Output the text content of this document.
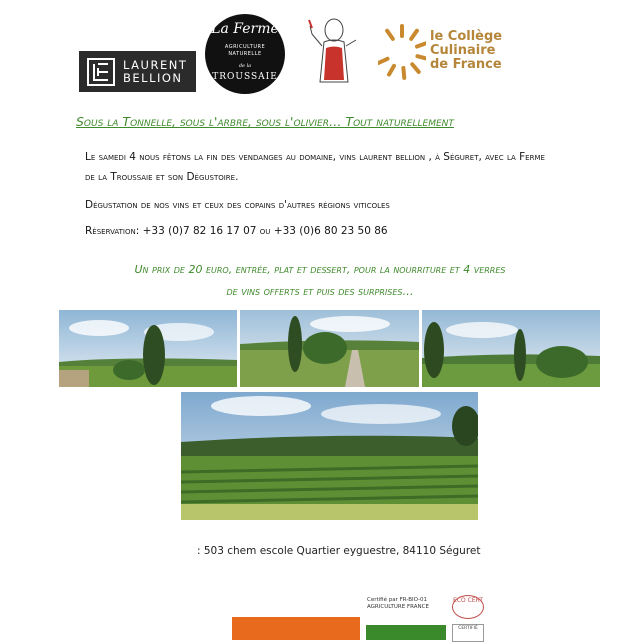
LAURENT
BELLION
La Ferme
AGRICULTURE NATURELLE
de la
TROUSSAIE
le Collège
Culinaire
de France
Sous la Tonnelle, sous l'arbre, sous l'olivier… Tout naturellement
Le samedi 4 nous fêtons la fin des vendanges au domaine, vins laurent bellion , à Séguret, avec la Ferme de la Troussaie et son Dégustoire.
Dégustation de nos vins et ceux des copains d'autres régions viticoles
Réservation: +33 (0)7 82 16 17 07 ou +33 (0)6 80 23 50 86
Un prix de 20 euro, entrée, plat et dessert, pour la nourriture et 4 verres
de vins offerts et puis des surprises…
: 503 chem escole Quartier eyguestre, 84110 Séguret
Certifié par FR-BIO-01
AGRICULTURE FRANCE
ECO CERT
CERTIFIÉ
